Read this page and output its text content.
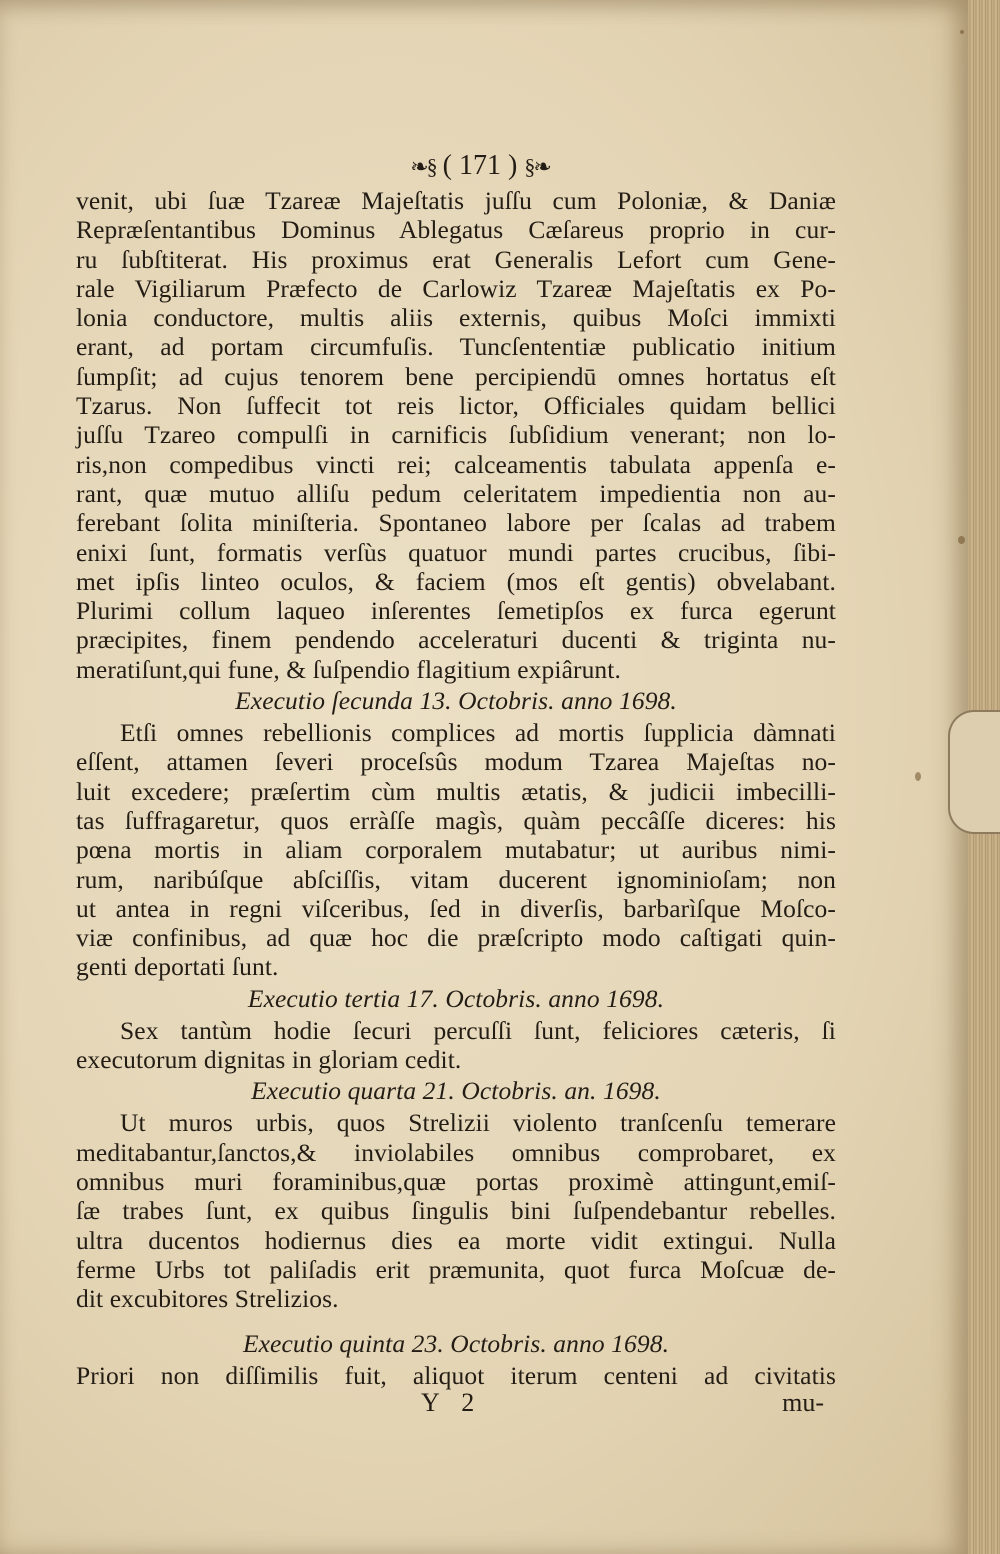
❧§ ( 171 ) §❧
venit, ubi ſuæ Tzareæ Majeſtatis juſſu cum Poloniæ, & Daniæ
Repræſentantibus Dominus Ablegatus Cæſareus proprio in cur-
ru ſubſtiterat. His proximus erat Generalis Lefort cum Gene-
rale Vigiliarum Præfecto de Carlowiz Tzareæ Majeſtatis ex Po-
lonia conductore, multis aliis externis, quibus Moſci immixti
erant, ad portam circumfuſis. Tuncſententiæ publicatio initium
ſumpſit; ad cujus tenorem bene percipiendū omnes hortatus eſt
Tzarus. Non ſuffecit tot reis lictor, Officiales quidam bellici
juſſu Tzareo compulſi in carnificis ſubſidium venerant; non lo-
ris,non compedibus vincti rei; calceamentis tabulata appenſa e-
rant, quæ mutuo alliſu pedum celeritatem impedientia non au-
ferebant ſolita miniſteria. Spontaneo labore per ſcalas ad trabem
enixi ſunt, formatis verſùs quatuor mundi partes crucibus, ſibi-
met ipſis linteo oculos, & faciem (mos eſt gentis) obvelabant.
Plurimi collum laqueo inſerentes ſemetipſos ex furca egerunt
præcipites, finem pendendo acceleraturi ducenti & triginta nu-
meratiſunt,qui fune, & ſuſpendio flagitium expiârunt.
Executio ſecunda 13. Octobris. anno 1698.
Etſi omnes rebellionis complices ad mortis ſupplicia dàmnati
eſſent, attamen ſeveri proceſsûs modum Tzarea Majeſtas no-
luit excedere; præſertim cùm multis ætatis, & judicii imbecilli-
tas ſuffragaretur, quos erràſſe magìs, quàm peccâſſe diceres: his
pœna mortis in aliam corporalem mutabatur; ut auribus nimi-
rum, naribúſque abſciſſis, vitam ducerent ignominioſam; non
ut antea in regni viſceribus, ſed in diverſis, barbarìſque Moſco-
viæ confinibus, ad quæ hoc die præſcripto modo caſtigati quin-
genti deportati ſunt.
Executio tertia 17. Octobris. anno 1698.
Sex tantùm hodie ſecuri percuſſi ſunt, feliciores cæteris, ſi
executorum dignitas in gloriam cedit.
Executio quarta 21. Octobris. an. 1698.
Ut muros urbis, quos Strelizii violento tranſcenſu temerare
meditabantur,ſanctos,& inviolabiles omnibus comprobaret, ex
omnibus muri foraminibus,quæ portas proximè attingunt,emiſ-
ſæ trabes ſunt, ex quibus ſingulis bini ſuſpendebantur rebelles.
ultra ducentos hodiernus dies ea morte vidit extingui. Nulla
ferme Urbs tot paliſadis erit præmunita, quot furca Moſcuæ de-
dit excubitores Strelizios.
Executio quinta 23. Octobris. anno 1698.
Priori non diſſimilis fuit, aliquot iterum centeni ad civitatis
Y 2	mu-
